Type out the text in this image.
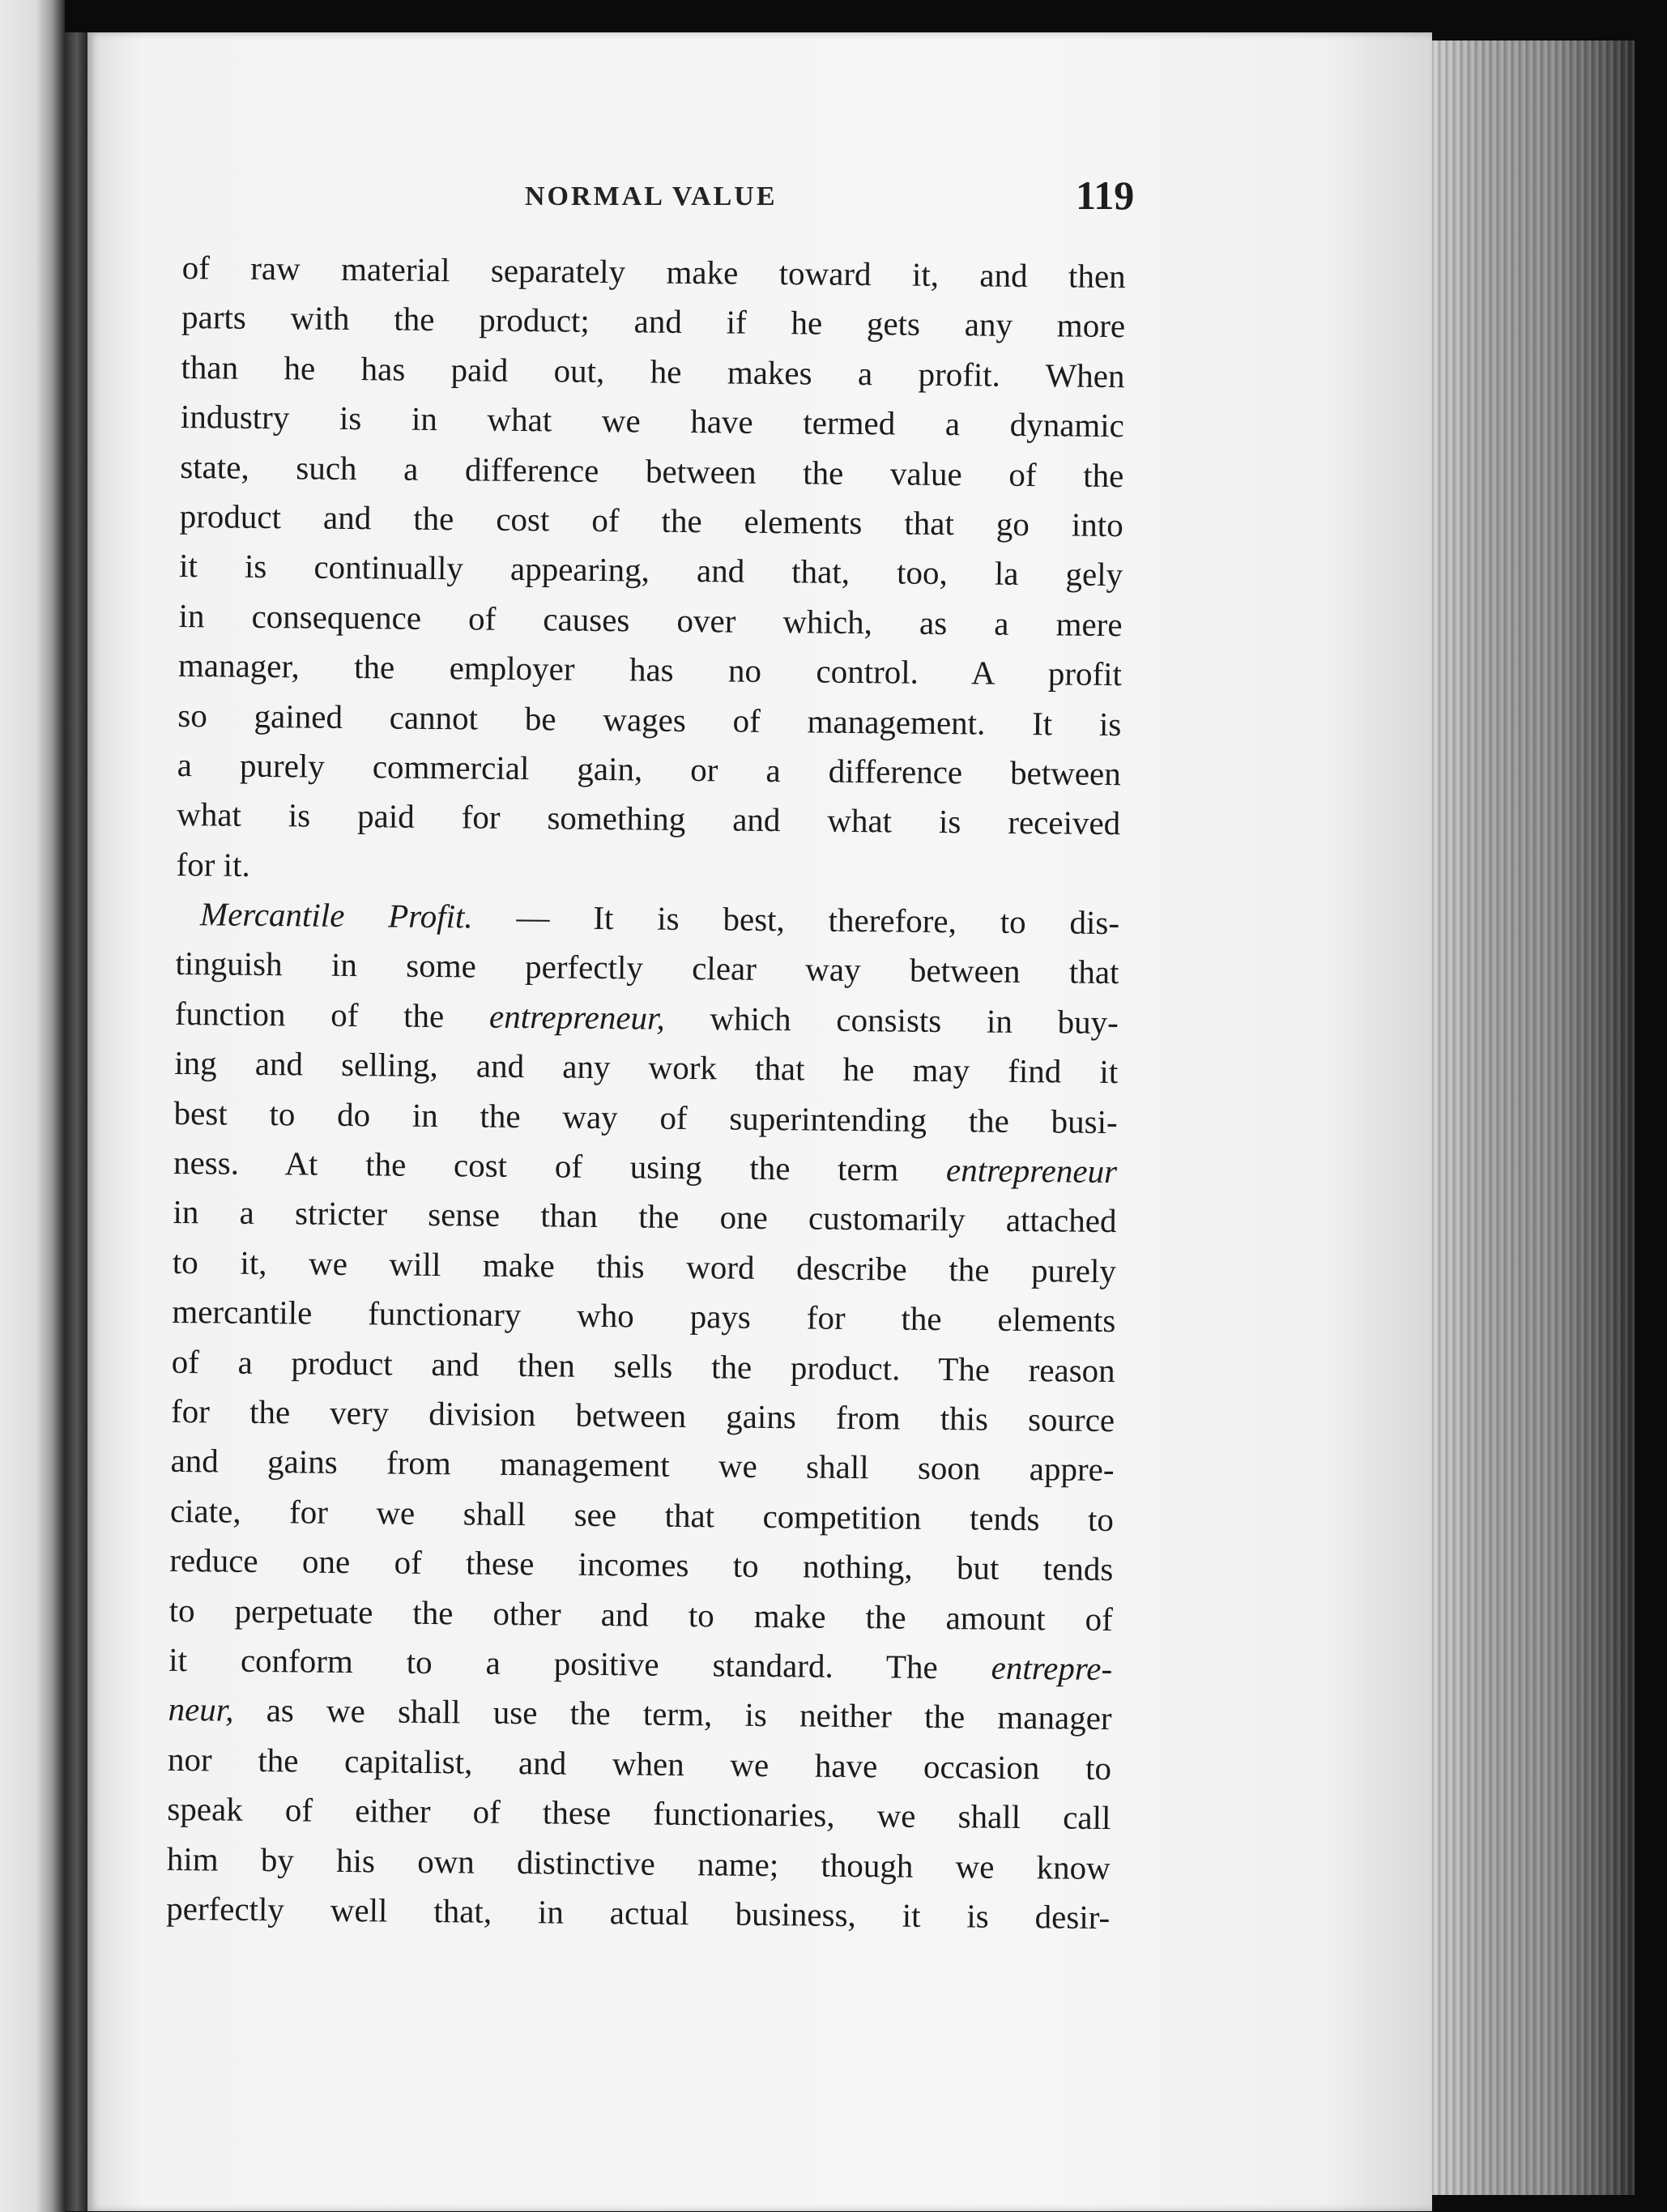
NORMAL VALUE	119
of raw material separately make toward it, and then
parts with the product; and if he gets any more
than he has paid out, he makes a profit. When
industry is in what we have termed a dynamic
state, such a difference between the value of the
product and the cost of the elements that go into
it is continually appearing, and that, too, la gely
in consequence of causes over which, as a mere
manager, the employer has no control. A profit
so gained cannot be wages of management. It is
a purely commercial gain, or a difference between
what is paid for something and what is received
for it.
Mercantile Profit. — It is best, therefore, to dis-
tinguish in some perfectly clear way between that
function of the entrepreneur, which consists in buy-
ing and selling, and any work that he may find it
best to do in the way of superintending the busi-
ness. At the cost of using the term entrepreneur
in a stricter sense than the one customarily attached
to it, we will make this word describe the purely
mercantile functionary who pays for the elements
of a product and then sells the product. The reason
for the very division between gains from this source
and gains from management we shall soon appre-
ciate, for we shall see that competition tends to
reduce one of these incomes to nothing, but tends
to perpetuate the other and to make the amount of
it conform to a positive standard. The entrepre-
neur, as we shall use the term, is neither the manager
nor the capitalist, and when we have occasion to
speak of either of these functionaries, we shall call
him by his own distinctive name; though we know
perfectly well that, in actual business, it is desir-
